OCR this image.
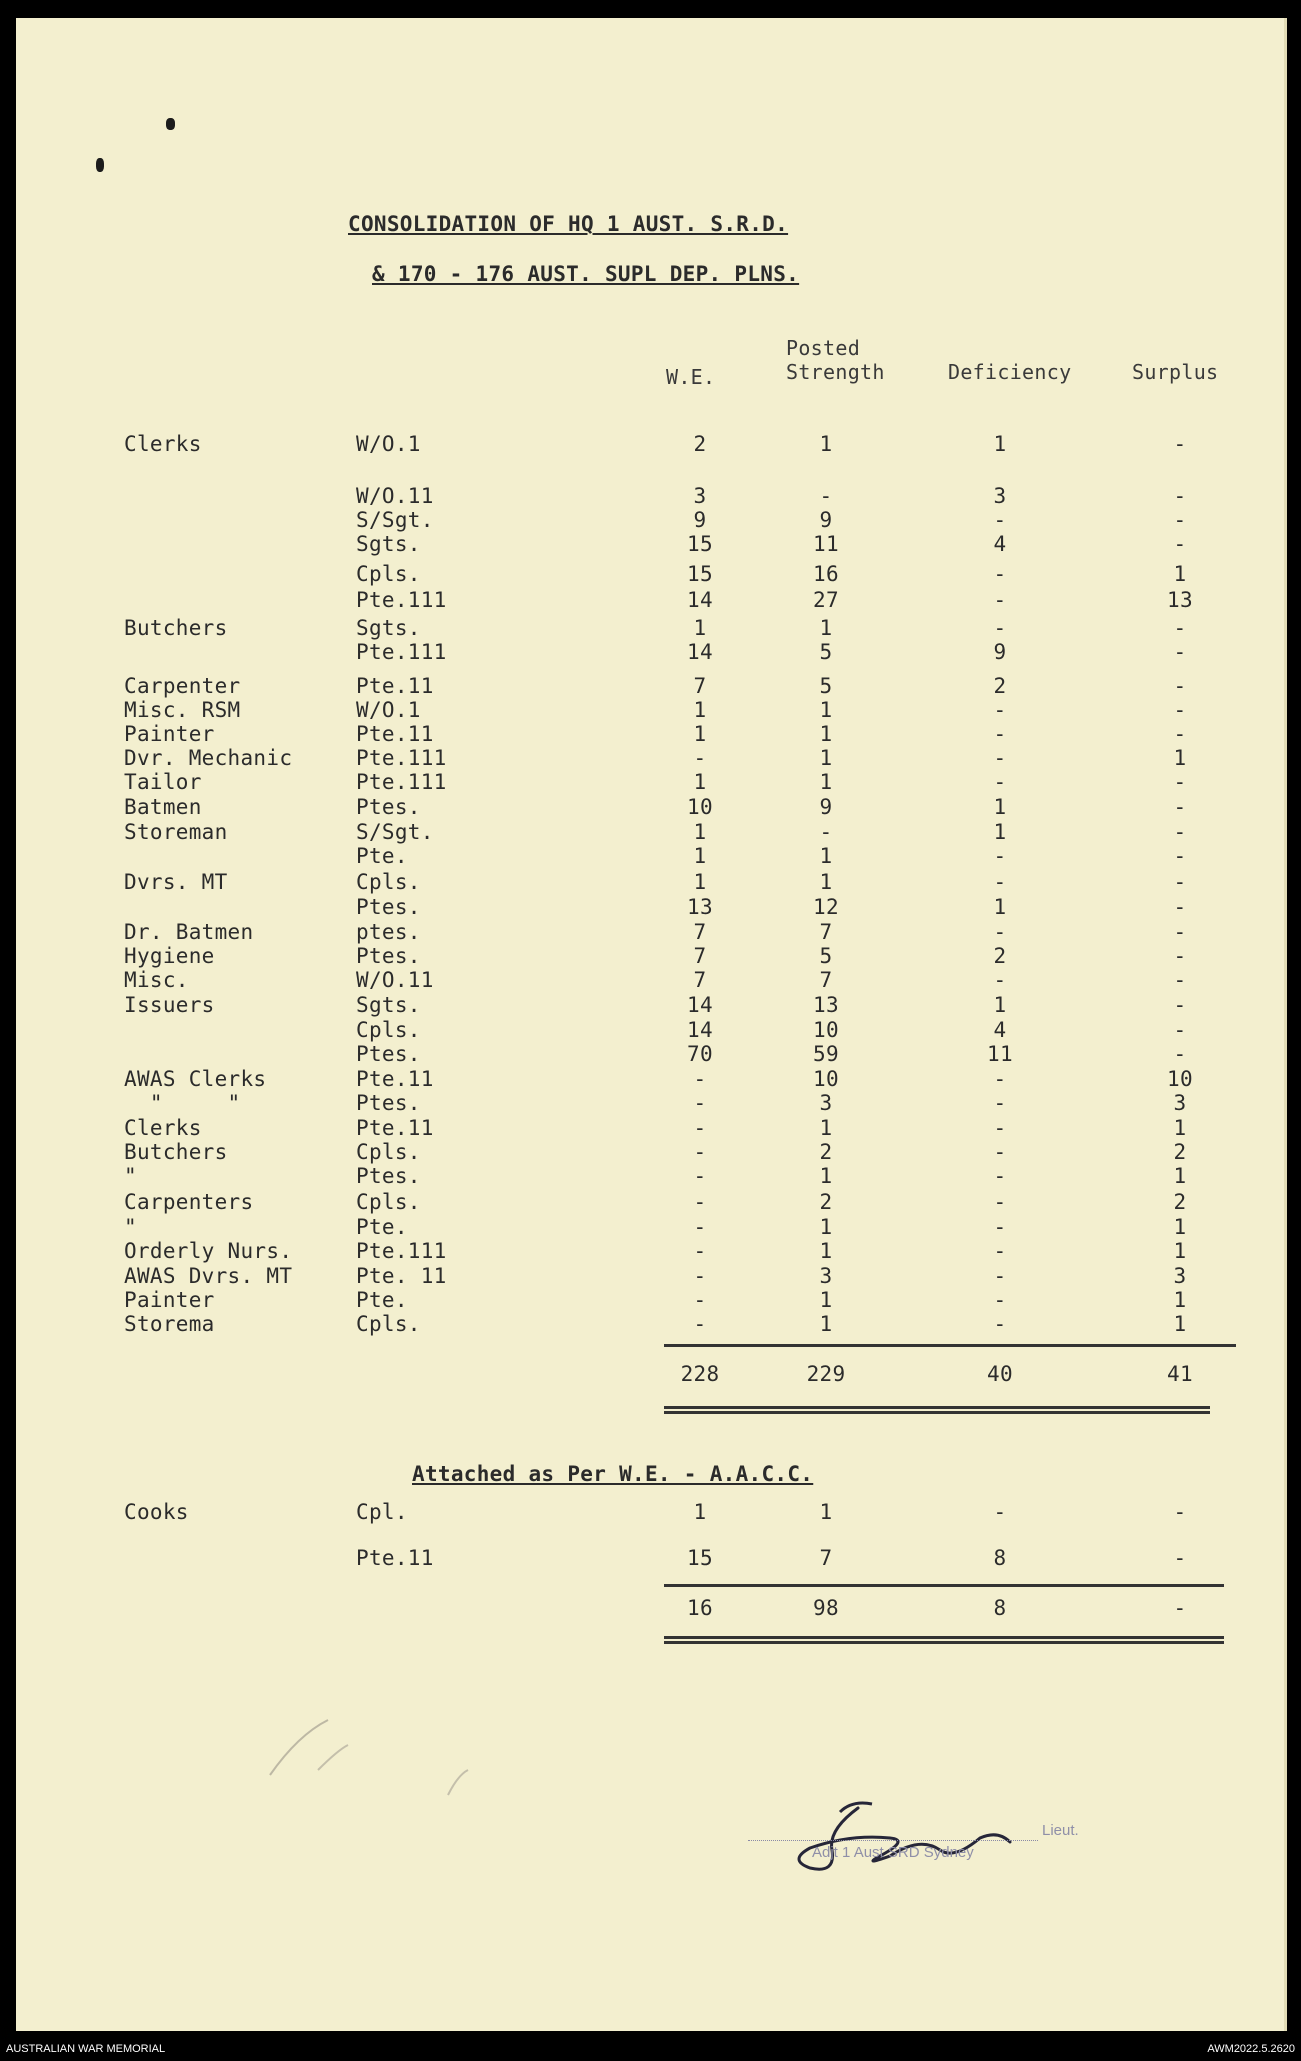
CONSOLIDATION OF HQ 1 AUST. S.R.D.
& 170 - 176 AUST. SUPL DEP. PLNS.
W.E.
Posted
Strength	Deficiency	Surplus
Clerks	W/O.1	2	1	1	-
W/O.11	3	-	3	-
S/Sgt.	9	9	-	-
Sgts.	15	11	4	-
Cpls.	15	16	-	1
Pte.111	14	27	-	13
Butchers	Sgts.	1	1	-	-
Pte.111	14	5	9	-
Carpenter	Pte.11	7	5	2	-
Misc. RSM	W/O.1	1	1	-	-
Painter	Pte.11	1	1	-	-
Dvr. Mechanic	Pte.111	-	1	-	1
Tailor	Pte.111	1	1	-	-
Batmen	Ptes.	10	9	1	-
Storeman	S/Sgt.	1	-	1	-
Pte.	1	1	-	-
Dvrs. MT	Cpls.	1	1	-	-
Ptes.	13	12	1	-
Dr. Batmen	ptes.	7	7	-	-
Hygiene	Ptes.	7	5	2	-
Misc.	W/O.11	7	7	-	-
Issuers	Sgts.	14	13	1	-
Cpls.	14	10	4	-
Ptes.	70	59	11	-
AWAS Clerks	Pte.11	-	10	-	10
"     "	Ptes.	-	3	-	3
Clerks	Pte.11	-	1	-	1
Butchers	Cpls.	-	2	-	2
"	Ptes.	-	1	-	1
Carpenters	Cpls.	-	2	-	2
"	Pte.	-	1	-	1
Orderly Nurs.	Pte.111	-	1	-	1
AWAS Dvrs. MT	Pte. 11	-	3	-	3
Painter	Pte.	-	1	-	1
Storema	Cpls.	-	1	-	1
228	229	40	41
Attached as Per W.E. - A.A.C.C.
Cooks	Cpl.	1	1	-	-
Pte.11	15	7	8	-
16	98	8	-
Lieut.
Adjt 1 Aust SRD Sydney
AUSTRALIAN WAR MEMORIAL	AWM2022.5.2620
